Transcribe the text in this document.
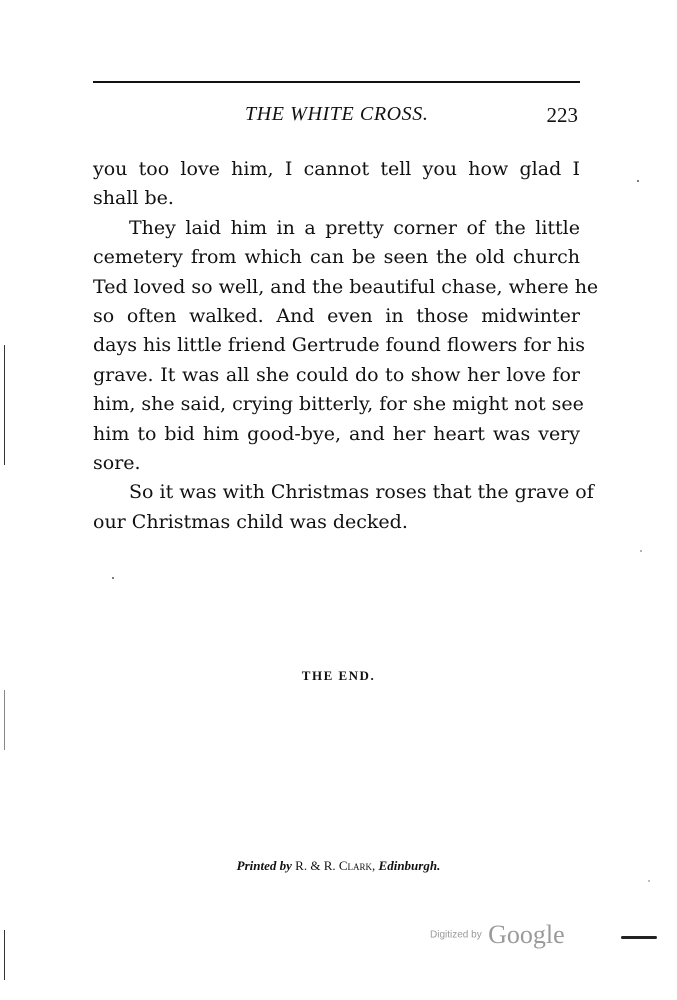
THE WHITE CROSS.	223
you too love him, I cannot tell you how glad I
shall be.
They laid him in a pretty corner of the little
cemetery from which can be seen the old church
Ted loved so well, and the beautiful chase, where he
so often walked. And even in those midwinter
days his little friend Gertrude found flowers for his
grave. It was all she could do to show her love for
him, she said, crying bitterly, for she might not see
him to bid him good-bye, and her heart was very
sore.
So it was with Christmas roses that the grave of
our Christmas child was decked.
THE END.
Printed by R. & R. Clark, Edinburgh.
Digitized by Google
